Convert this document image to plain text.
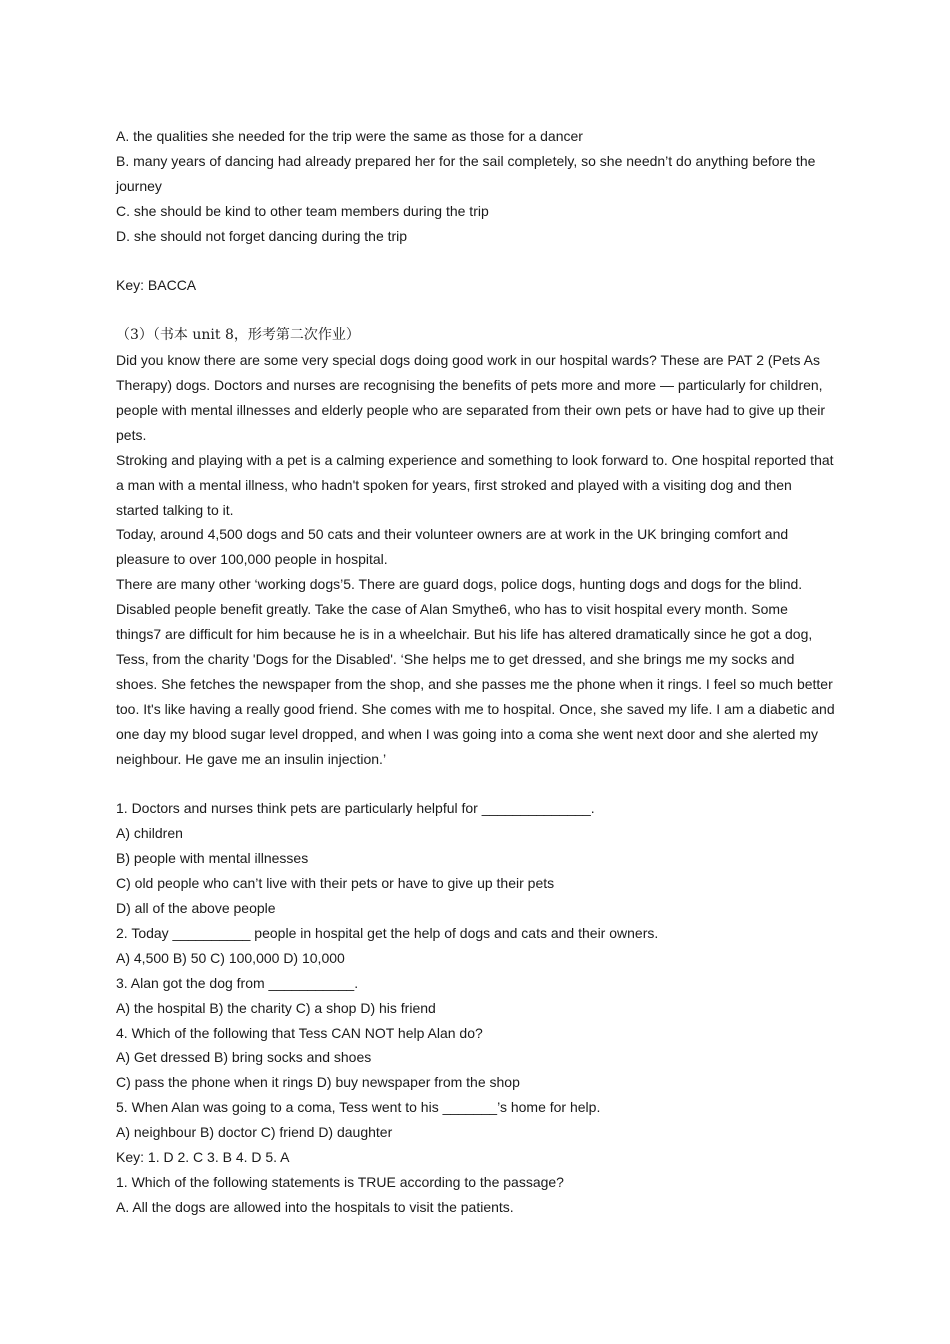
A. the qualities she needed for the trip were the same as those for a dancer

B. many years of dancing had already prepared her for the sail completely, so she needn’t do anything before the journey

C. she should be kind to other team members during the trip

D. she should not forget dancing during the trip

Key: BACCA

（3）（书本 unit 8，形考第二次作业）

Did you know there are some very special dogs doing good work in our hospital wards? These are PAT 2 (Pets As Therapy) dogs. Doctors and nurses are recognising the benefits of pets more and more — particularly for children, people with mental illnesses and elderly people who are separated from their own pets or have had to give up their pets.

Stroking and playing with a pet is a calming experience and something to look forward to. One hospital reported that a man with a mental illness, who hadn't spoken for years, first stroked and played with a visiting dog and then started talking to it.

Today, around 4,500 dogs and 50 cats and their volunteer owners are at work in the UK bringing comfort and pleasure to over 100,000 people in hospital.

There are many other ‘working dogs’5. There are guard dogs, police dogs, hunting dogs and dogs for the blind. Disabled people benefit greatly. Take the case of Alan Smythe6, who has to visit hospital every month. Some things7 are difficult for him because he is in a wheelchair. But his life has altered dramatically since he got a dog, Tess, from the charity 'Dogs for the Disabled'. ‘She helps me to get dressed, and she brings me my socks and shoes. She fetches the newspaper from the shop, and she passes me the phone when it rings. I feel so much better too. It's like having a really good friend. She comes with me to hospital. Once, she saved my life. I am a diabetic and one day my blood sugar level dropped, and when I was going into a coma she went next door and she alerted my neighbour. He gave me an insulin injection.’

1. Doctors and nurses think pets are particularly helpful for ______________.

A) children

B) people with mental illnesses

C) old people who can’t live with their pets or have to give up their pets

D) all of the above people

2. Today __________ people in hospital get the help of dogs and cats and their owners.

A) 4,500 B) 50 C) 100,000 D) 10,000

3. Alan got the dog from ___________.

A) the hospital B) the charity C) a shop D) his friend

4. Which of the following that Tess CAN NOT help Alan do?

A) Get dressed B) bring socks and shoes

C) pass the phone when it rings D) buy newspaper from the shop

5. When Alan was going to a coma, Tess went to his _______’s home for help.

A) neighbour B) doctor C) friend D) daughter

Key: 1. D 2. C 3. B 4. D 5. A

1. Which of the following statements is TRUE according to the passage?

A. All the dogs are allowed into the hospitals to visit the patients.
